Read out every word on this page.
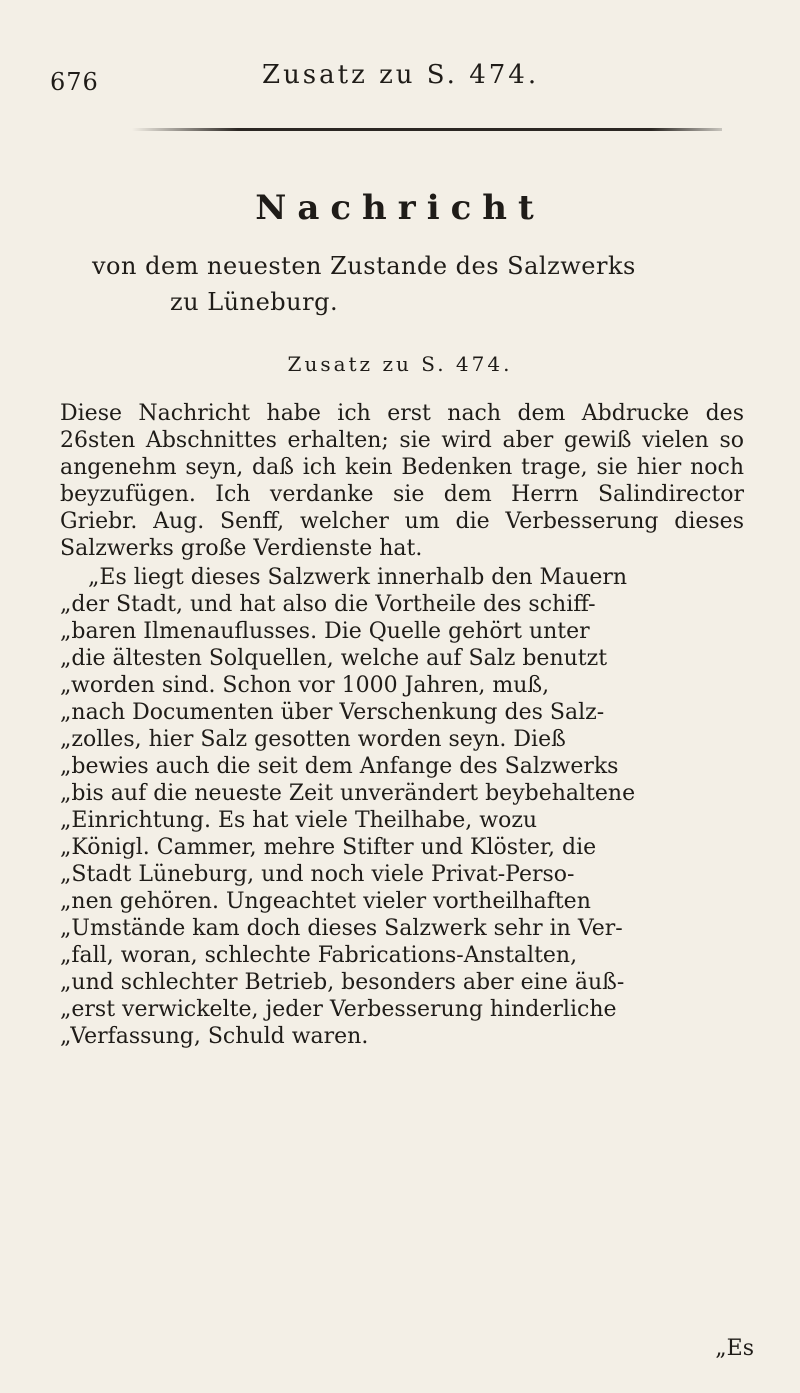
676	Zusatz zu S. 474.
Nachricht
von dem neuesten Zustande des Salzwerks
zu Lüneburg.
Zusatz zu S. 474.

Diese Nachricht habe ich erst nach dem Abdrucke des 26sten Abschnittes erhalten; sie wird aber gewiß vielen so angenehm seyn, daß ich kein Bedenken trage, sie hier noch beyzufügen. Ich verdanke sie dem Herrn Salindirector Griebr. Aug. Senff, welcher um die Verbesserung dieses Salzwerks große Verdienste hat.

„Es liegt dieses Salzwerk innerhalb den Mauern
„der Stadt, und hat also die Vortheile des schiff-
„baren Ilmenauflusses. Die Quelle gehört unter
„die ältesten Solquellen, welche auf Salz benutzt
„worden sind. Schon vor 1000 Jahren, muß,
„nach Documenten über Verschenkung des Salz-
„zolles, hier Salz gesotten worden seyn. Dieß
„bewies auch die seit dem Anfange des Salzwerks
„bis auf die neueste Zeit unverändert beybehaltene
„Einrichtung. Es hat viele Theilhabe, wozu
„Königl. Cammer, mehre Stifter und Klöster, die
„Stadt Lüneburg, und noch viele Privat-Perso-
„nen gehören. Ungeachtet vieler vortheilhaften
„Umstände kam doch dieses Salzwerk sehr in Ver-
„fall, woran, schlechte Fabrications-Anstalten,
„und schlechter Betrieb, besonders aber eine äuß-
„erst verwickelte, jeder Verbesserung hinderliche
„Verfassung, Schuld waren.

„Es
